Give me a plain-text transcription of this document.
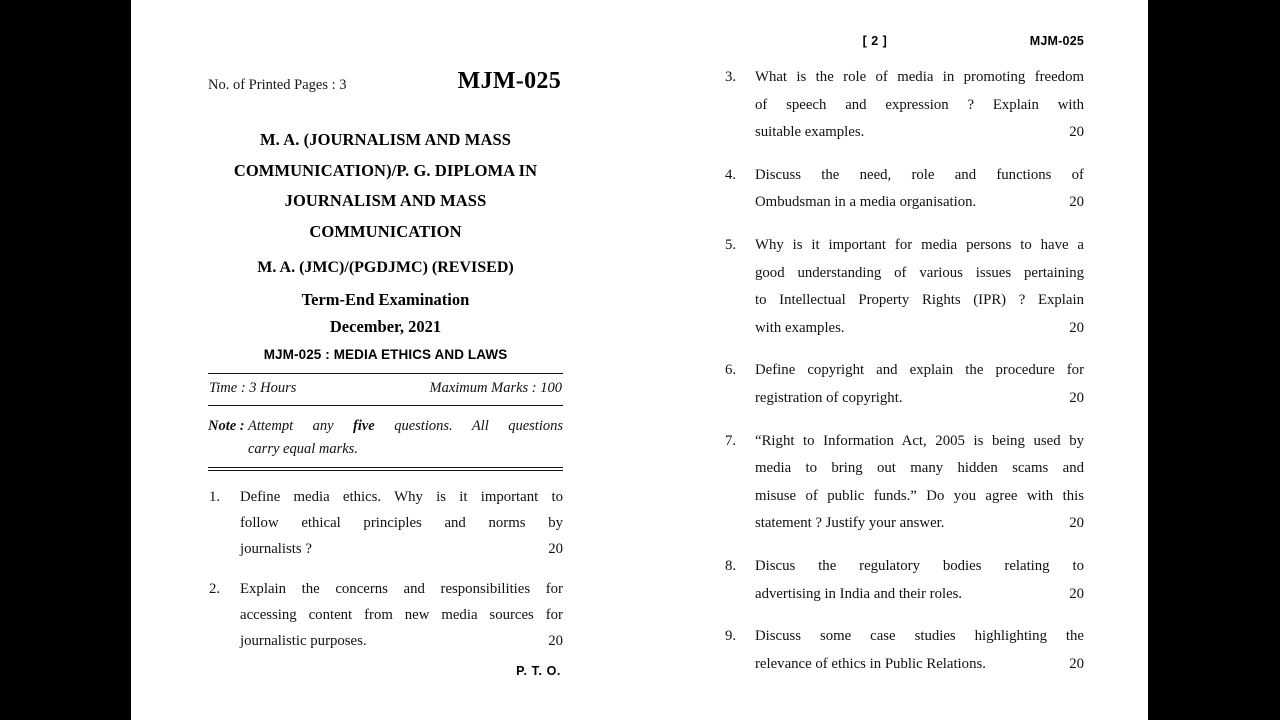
No. of Printed Pages : 3	MJM-025
M. A. (JOURNALISM AND MASS COMMUNICATION)/P. G. DIPLOMA IN JOURNALISM AND MASS COMMUNICATION
M. A. (JMC)/(PGDJMC) (REVISED)
Term-End Examination
December, 2021
MJM-025 : MEDIA ETHICS AND LAWS
Time : 3 Hours	Maximum Marks : 100
Note : Attempt any five questions. All questions
carry equal marks.
1.	Define media ethics. Why is it important to

follow ethical principles and norms by

20
journalists ?

2.	Explain the concerns and responsibilities for

accessing content from new media sources for

20
journalistic purposes.

P. T. O.
[ 2 ]	MJM-025
3.	What is the role of media in promoting freedom

of speech and expression ? Explain with

20
suitable examples.

4.	Discuss the need, role and functions of

20
Ombudsman in a media organisation.

5.	Why is it important for media persons to have a

good understanding of various issues pertaining

to Intellectual Property Rights (IPR) ? Explain

20
with examples.

6.	Define copyright and explain the procedure for

20
registration of copyright.

7.	“Right to Information Act, 2005 is being used by

media to bring out many hidden scams and

misuse of public funds.” Do you agree with this

20
statement ? Justify your answer.

8.	Discus the regulatory bodies relating to

20
advertising in India and their roles.

9.	Discuss some case studies highlighting the

20
relevance of ethics in Public Relations.
